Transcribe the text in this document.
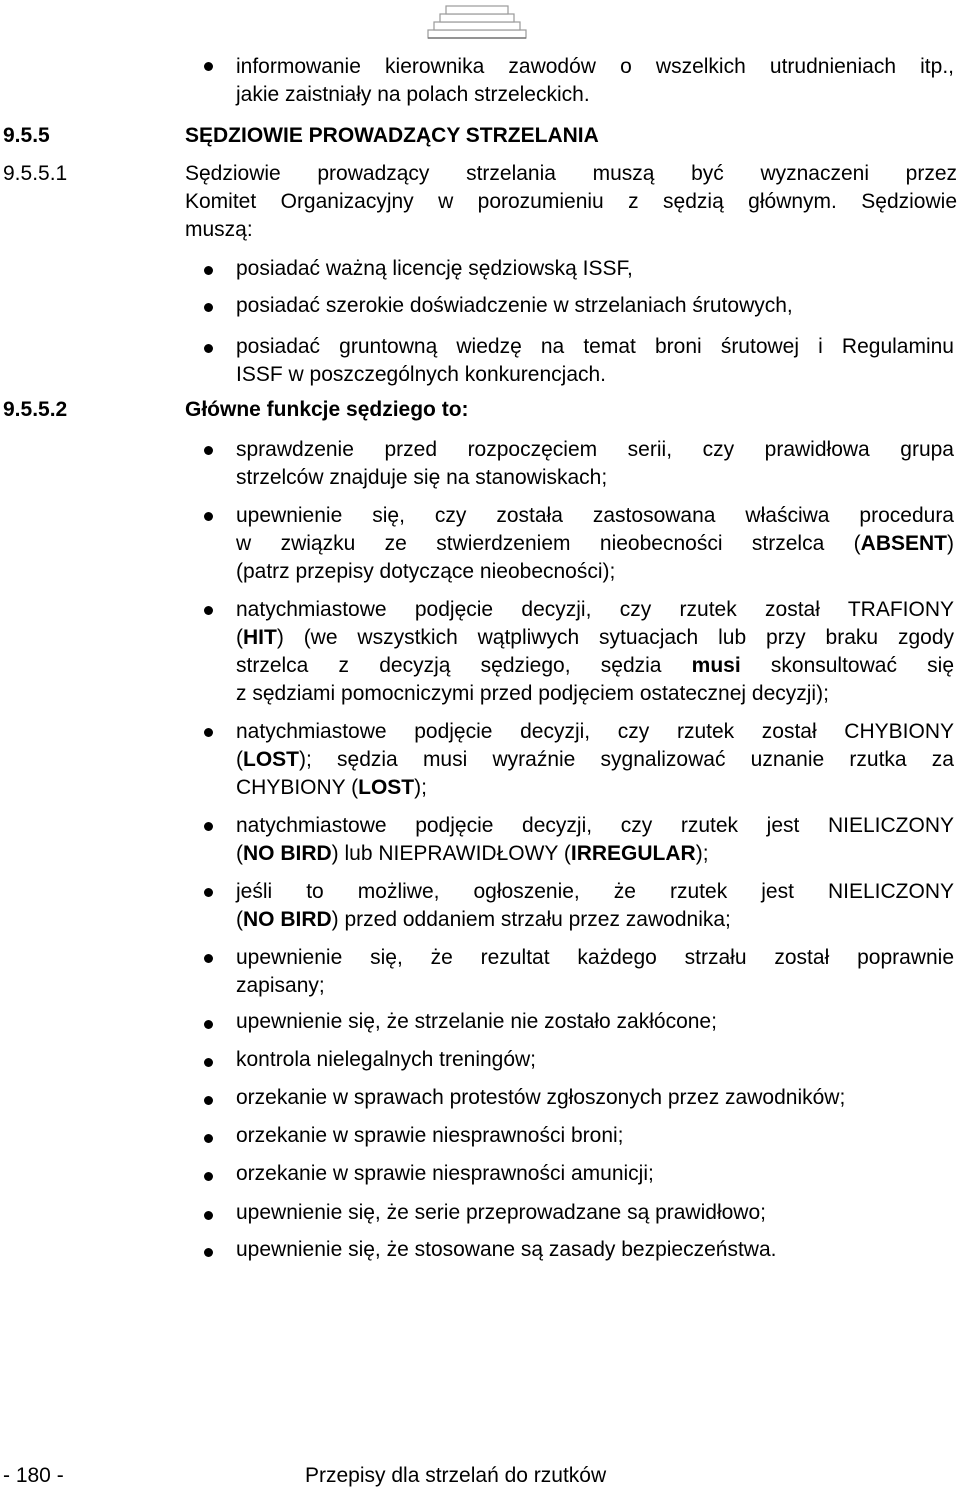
informowanie kierownika zawodów o wszelkich utrudnieniach itp.,

jakie zaistniały na polach strzeleckich.

9.5.5	SĘDZIOWIE PROWADZĄCY STRZELANIA
9.5.5.1	Sędziowie prowadzący strzelania muszą być wyznaczeni przez
Komitet Organizacyjny w porozumieniu z sędzią głównym. Sędziowie
muszą:
posiadać ważną licencję sędziowską ISSF,
posiadać szerokie doświadczenie w strzelaniach śrutowych,
posiadać gruntowną wiedzę na temat broni śrutowej i Regulaminu
ISSF w poszczególnych konkurencjach.
9.5.5.2	Główne funkcje sędziego to:

sprawdzenie przed rozpoczęciem serii, czy prawidłowa grupa

strzelców znajduje się na stanowiskach;

upewnienie się, czy została zastosowana właściwa procedura

w związku ze stwierdzeniem nieobecności strzelca (ABSENT)

(patrz przepisy dotyczące nieobecności);

natychmiastowe podjęcie decyzji, czy rzutek został TRAFIONY

(HIT) (we wszystkich wątpliwych sytuacjach lub przy braku zgody

strzelca z decyzją sędziego, sędzia musi skonsultować się

z sędziami pomocniczymi przed podjęciem ostatecznej decyzji);

natychmiastowe podjęcie decyzji, czy rzutek został CHYBIONY

(LOST); sędzia musi wyraźnie sygnalizować uznanie rzutka za

CHYBIONY (LOST);

natychmiastowe podjęcie decyzji, czy rzutek jest NIELICZONY

(NO BIRD) lub NIEPRAWIDŁOWY (IRREGULAR);

jeśli to możliwe, ogłoszenie, że rzutek jest NIELICZONY

(NO BIRD) przed oddaniem strzału przez zawodnika;

upewnienie się, że rezultat każdego strzału został poprawnie

zapisany;

upewnienie się, że strzelanie nie zostało zakłócone;
kontrola nielegalnych treningów;
orzekanie w sprawach protestów zgłoszonych przez zawodników;
orzekanie w sprawie niesprawności broni;
orzekanie w sprawie niesprawności amunicji;
upewnienie się, że serie przeprowadzane są prawidłowo;
upewnienie się, że stosowane są zasady bezpieczeństwa.
- 180 -	Przepisy dla strzelań do rzutków
